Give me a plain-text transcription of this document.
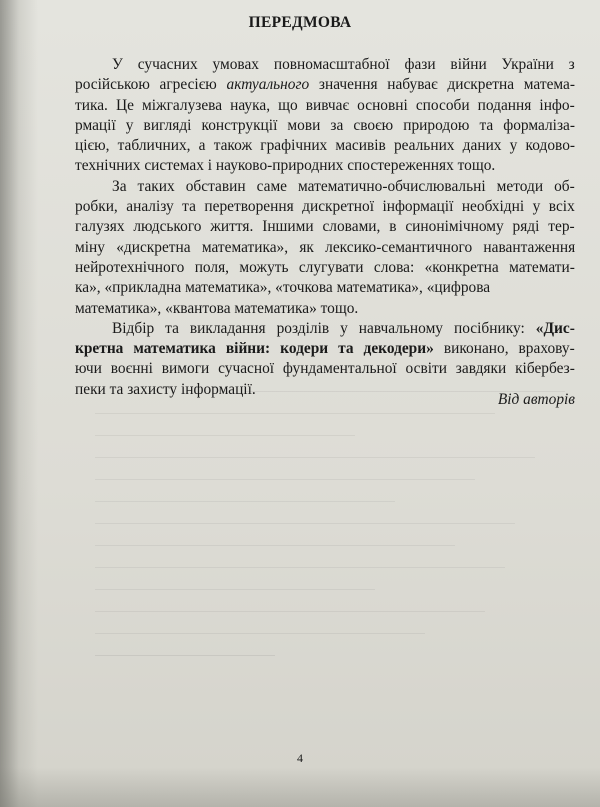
ПЕРЕДМОВА
У сучасних умовах повномасштабної фази війни України з
російською агресією актуального значення набуває дискретна матема-
тика. Це міжгалузева наука, що вивчає основні способи подання інфо-
рмації у вигляді конструкції мови за своєю природою та формалiза-
цією, табличних, а також графічних масивів реальних даних у кодово-
технічних системах і науково-природних спостереженнях тощо.
За таких обставин саме математично-обчислювальні методи об-
робки, аналізу та перетворення дискретної інформації необхідні у всіх
галузях людського життя. Іншими словами, в синонімічному ряді тер-
міну «дискретна математика», як лексико-семантичного навантаження
нейротехнічного поля, можуть слугувати слова: «конкретна математи-
ка», «прикладна математика», «точкова математика», «цифрова
математика», «квантова математика» тощо.
Відбір та викладання розділів у навчальному посібнику: «Дис-
кретна математика війни: кодери та декодери» виконано, врахову-
ючи воєнні вимоги сучасної фундаментальної освіти завдяки кібербез-
пеки та захисту інформації.
Від авторів
4
